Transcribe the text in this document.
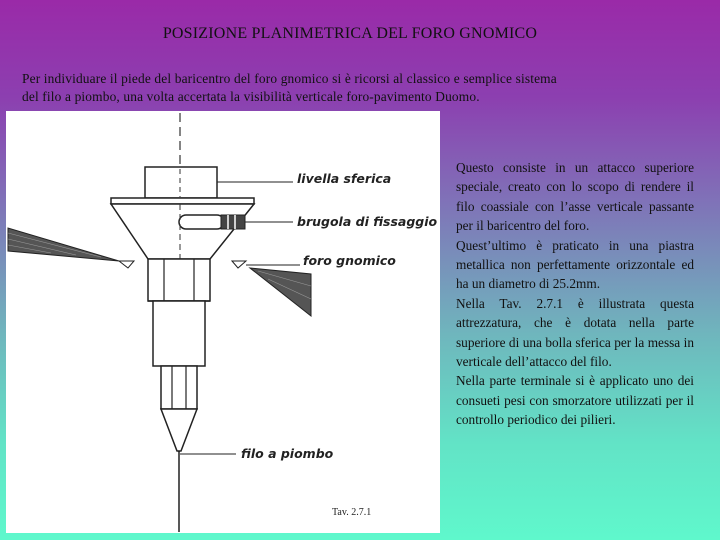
POSIZIONE PLANIMETRICA DEL FORO GNOMICO
Per individuare il piede del baricentro del foro gnomico si è ricorsi al classico e semplice sistema
del filo a piombo, una volta accertata la visibilità verticale foro-pavimento Duomo.
livella sferica
brugola di fissaggio
foro gnomico
filo a piombo
Tav. 2.7.1

Questo consiste in un attacco superiore speciale, creato con lo scopo di rendere il filo coassiale con l’asse verticale passante per il baricentro del foro.

Quest’ultimo è praticato in una piastra metallica non perfettamente orizzontale ed ha un diametro di 25.2mm.

Nella Tav. 2.7.1 è illustrata questa attrezzatura, che è dotata nella parte superiore di una bolla sferica per la messa in verticale dell’attacco del filo.

Nella parte terminale si è applicato uno dei consueti pesi con smorzatore utilizzati per il controllo periodico dei pilieri.
